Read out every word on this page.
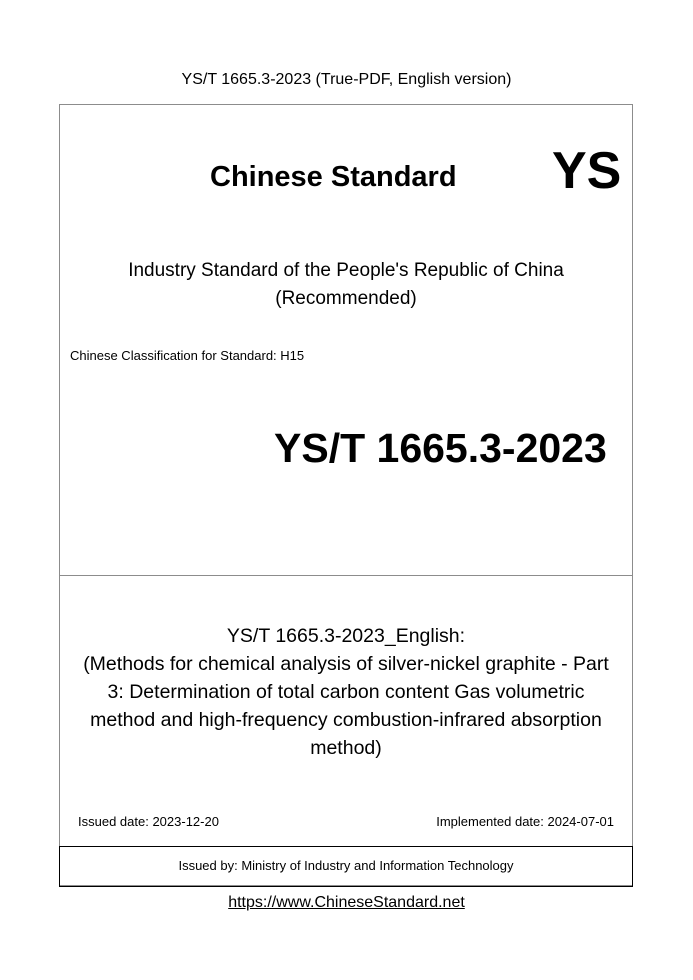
YS/T 1665.3-2023 (True-PDF, English version)
Chinese Standard YS
Industry Standard of the People's Republic of China
(Recommended)
Chinese Classification for Standard: H15
YS/T 1665.3-2023
YS/T 1665.3-2023_English:
(Methods for chemical analysis of silver-nickel graphite - Part
3: Determination of total carbon content Gas volumetric
method and high-frequency combustion-infrared absorption
method)
Issued date: 2023-12-20	Implemented date: 2024-07-01
Issued by: Ministry of Industry and Information Technology
https://www.ChineseStandard.net
